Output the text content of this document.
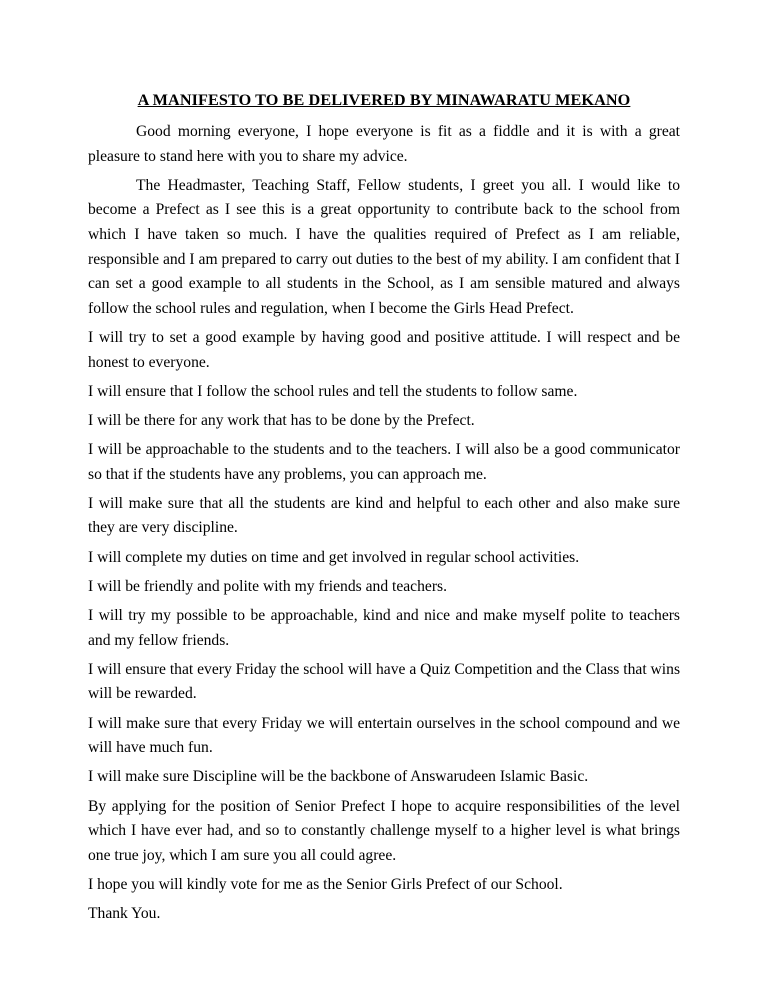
A MANIFESTO TO BE DELIVERED BY MINAWARATU MEKANO

Good morning everyone, I hope everyone is fit as a fiddle and it is with a great pleasure to stand here with you to share my advice.

The Headmaster, Teaching Staff, Fellow students, I greet you all. I would like to become a Prefect as I see this is a great opportunity to contribute back to the school from which I have taken so much. I have the qualities required of Prefect as I am reliable, responsible and I am prepared to carry out duties to the best of my ability. I am confident that I can set a good example to all students in the School, as I am sensible matured and always follow the school rules and regulation, when I become the Girls Head Prefect.

I will try to set a good example by having good and positive attitude. I will respect and be honest to everyone.

I will ensure that I follow the school rules and tell the students to follow same.

I will be there for any work that has to be done by the Prefect.

I will be approachable to the students and to the teachers. I will also be a good communicator so that if the students have any problems, you can approach me.

I will make sure that all the students are kind and helpful to each other and also make sure they are very discipline.

I will complete my duties on time and get involved in regular school activities.

I will be friendly and polite with my friends and teachers.

I will try my possible to be approachable, kind and nice and make myself polite to teachers and my fellow friends.

I will ensure that every Friday the school will have a Quiz Competition and the Class that wins will be rewarded.

I will make sure that every Friday we will entertain ourselves in the school compound and we will have much fun.

I will make sure Discipline will be the backbone of Answarudeen Islamic Basic.

By applying for the position of Senior Prefect I hope to acquire responsibilities of the level which I have ever had, and so to constantly challenge myself to a higher level is what brings one true joy, which I am sure you all could agree.

I hope you will kindly vote for me as the Senior Girls Prefect of our School.

Thank You.
